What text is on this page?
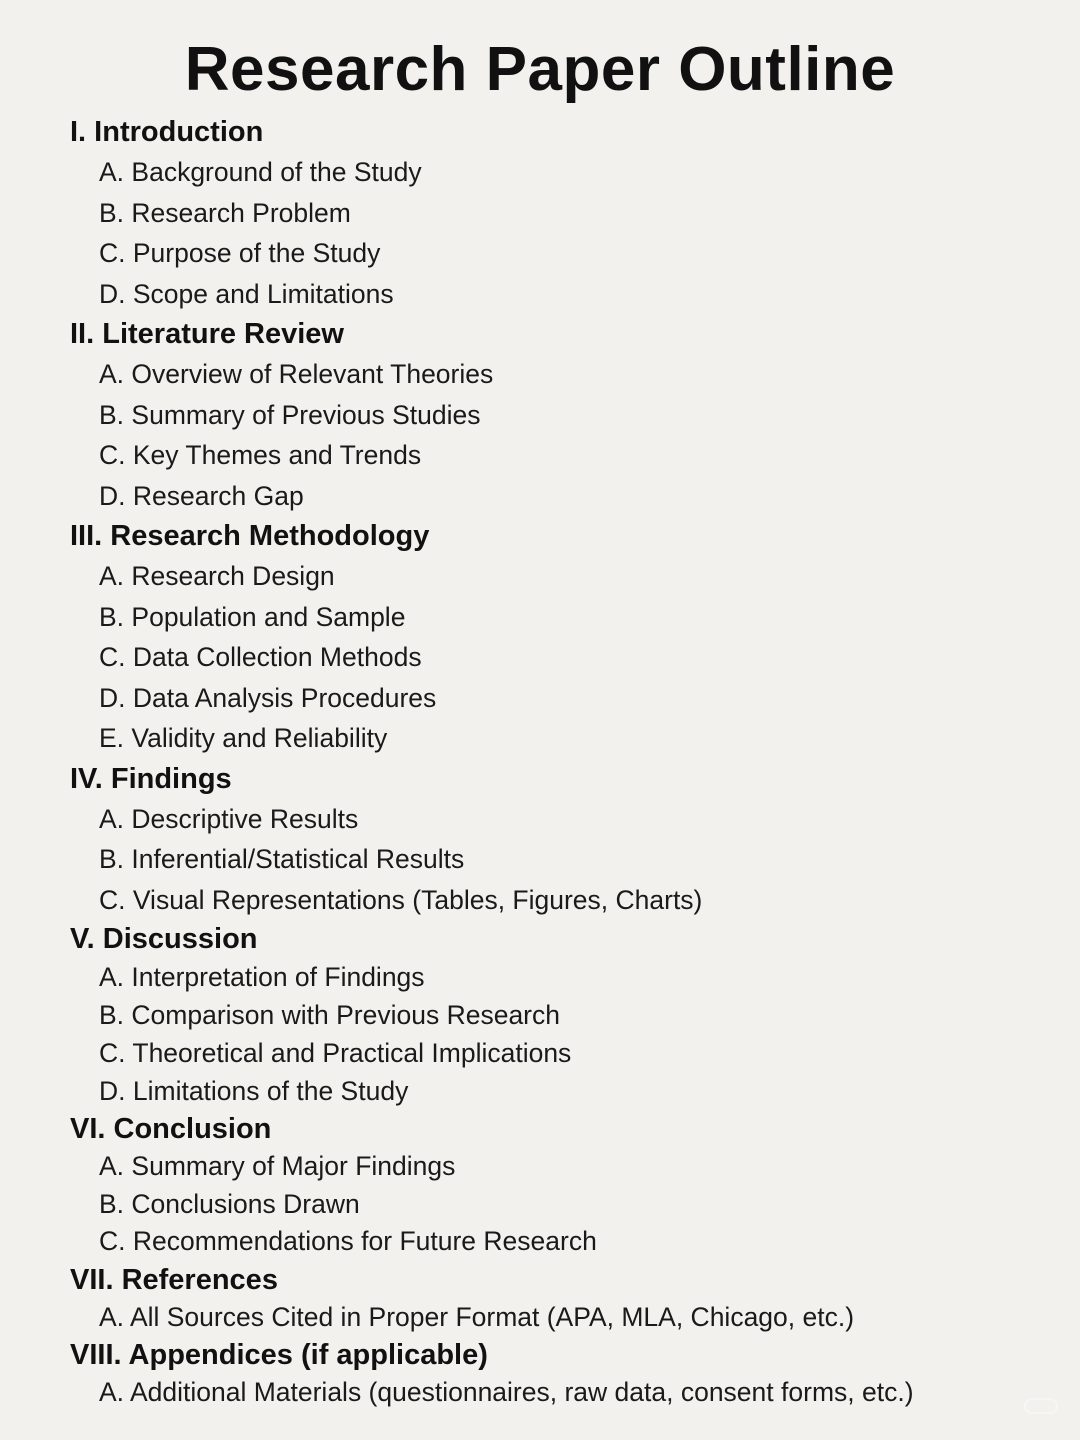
Research Paper Outline
I. Introduction
A. Background of the Study
B. Research Problem
C. Purpose of the Study
D. Scope and Limitations
II. Literature Review
A. Overview of Relevant Theories
B. Summary of Previous Studies
C. Key Themes and Trends
D. Research Gap
III. Research Methodology
A. Research Design
B. Population and Sample
C. Data Collection Methods
D. Data Analysis Procedures
E. Validity and Reliability
IV. Findings
A. Descriptive Results
B. Inferential/Statistical Results
C. Visual Representations (Tables, Figures, Charts)
V. Discussion
A. Interpretation of Findings
B. Comparison with Previous Research
C. Theoretical and Practical Implications
D. Limitations of the Study
VI. Conclusion
A. Summary of Major Findings
B. Conclusions Drawn
C. Recommendations for Future Research
VII. References
A. All Sources Cited in Proper Format (APA, MLA, Chicago, etc.)
VIII. Appendices (if applicable)
A. Additional Materials (questionnaires, raw data, consent forms, etc.)
